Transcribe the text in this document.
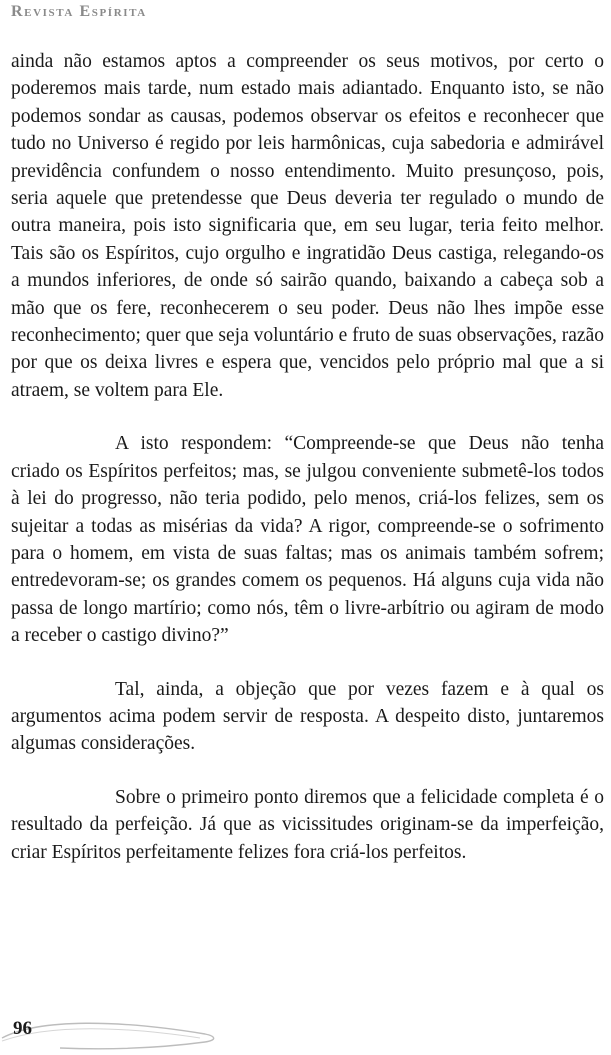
Revista Espírita

ainda não estamos aptos a compreender os seus motivos, por certo o poderemos mais tarde, num estado mais adiantado. Enquanto isto, se não podemos sondar as causas, podemos observar os efeitos e reconhecer que tudo no Universo é regido por leis harmônicas, cuja sabedoria e admirável previdência confundem o nosso entendimento. Muito presunçoso, pois, seria aquele que pretendesse que Deus deveria ter regulado o mundo de outra maneira, pois isto significaria que, em seu lugar, teria feito melhor. Tais são os Espíritos, cujo orgulho e ingratidão Deus castiga, relegando-os a mundos inferiores, de onde só sairão quando, baixando a cabeça sob a mão que os fere, reconhecerem o seu poder. Deus não lhes impõe esse reconhecimento; quer que seja voluntário e fruto de suas observações, razão por que os deixa livres e espera que, vencidos pelo próprio mal que a si atraem, se voltem para Ele.

A isto respondem: “Compreende-se que Deus não tenha criado os Espíritos perfeitos; mas, se julgou conveniente submetê-los todos à lei do progresso, não teria podido, pelo menos, criá-los felizes, sem os sujeitar a todas as misérias da vida? A rigor, compreende-se o sofrimento para o homem, em vista de suas faltas; mas os animais também sofrem; entredevoram-se; os grandes comem os pequenos. Há alguns cuja vida não passa de longo martírio; como nós, têm o livre-arbítrio ou agiram de modo a receber o castigo divino?”

Tal, ainda, a objeção que por vezes fazem e à qual os argumentos acima podem servir de resposta. A despeito disto, juntaremos algumas considerações.

Sobre o primeiro ponto diremos que a felicidade completa é o resultado da perfeição. Já que as vicissitudes originam-se da imperfeição, criar Espíritos perfeitamente felizes fora criá-los perfeitos.

96
